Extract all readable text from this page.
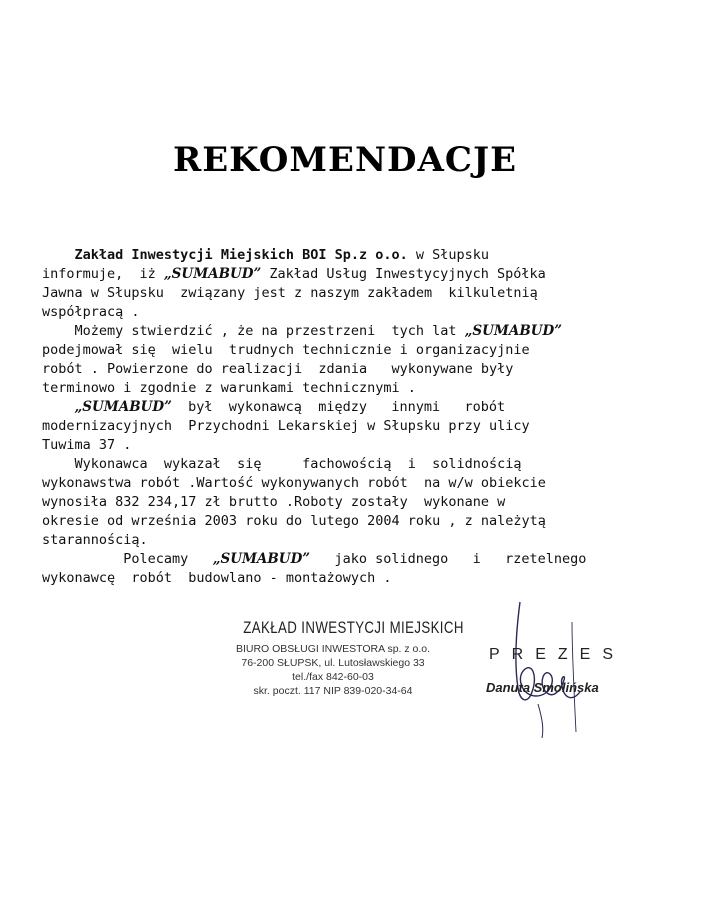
REKOMENDACJE
Zakład Inwestycji Miejskich BOI Sp.z o.o. w Słupsku
informuje,  iż „SUMABUD” Zakład Usług Inwestycyjnych Spółka
Jawna w Słupsku  związany jest z naszym zakładem  kilkuletnią
współpracą .
Możemy stwierdzić , że na przestrzeni  tych lat „SUMABUD”
podejmował się  wielu  trudnych technicznie i organizacyjnie
robót . Powierzone do realizacji  zdania   wykonywane były
terminowo i zgodnie z warunkami technicznymi .
„SUMABUD”  był  wykonawcą  między   innymi   robót
modernizacyjnych  Przychodni Lekarskiej w Słupsku przy ulicy
Tuwima 37 .
Wykonawca  wykazał  się     fachowością  i  solidnością
wykonawstwa robót .Wartość wykonywanych robót  na w/w obiekcie
wynosiła 832 234,17 zł brutto .Roboty zostały  wykonane w
okresie od września 2003 roku do lutego 2004 roku , z należytą
starannością.
Polecamy   „SUMABUD”   jako solidnego   i   rzetelnego
wykonawcę  robót  budowlano - montażowych .
ZAKŁAD INWESTYCJI MIEJSKICH
BIURO OBSŁUGI INWESTORA sp. z o.o.
76-200 SŁUPSK, ul. Lutosławskiego 33
tel./fax 842-60-03
skr. poczt. 117 NIP 839-020-34-64
PREZES
Danuta Smolińska
